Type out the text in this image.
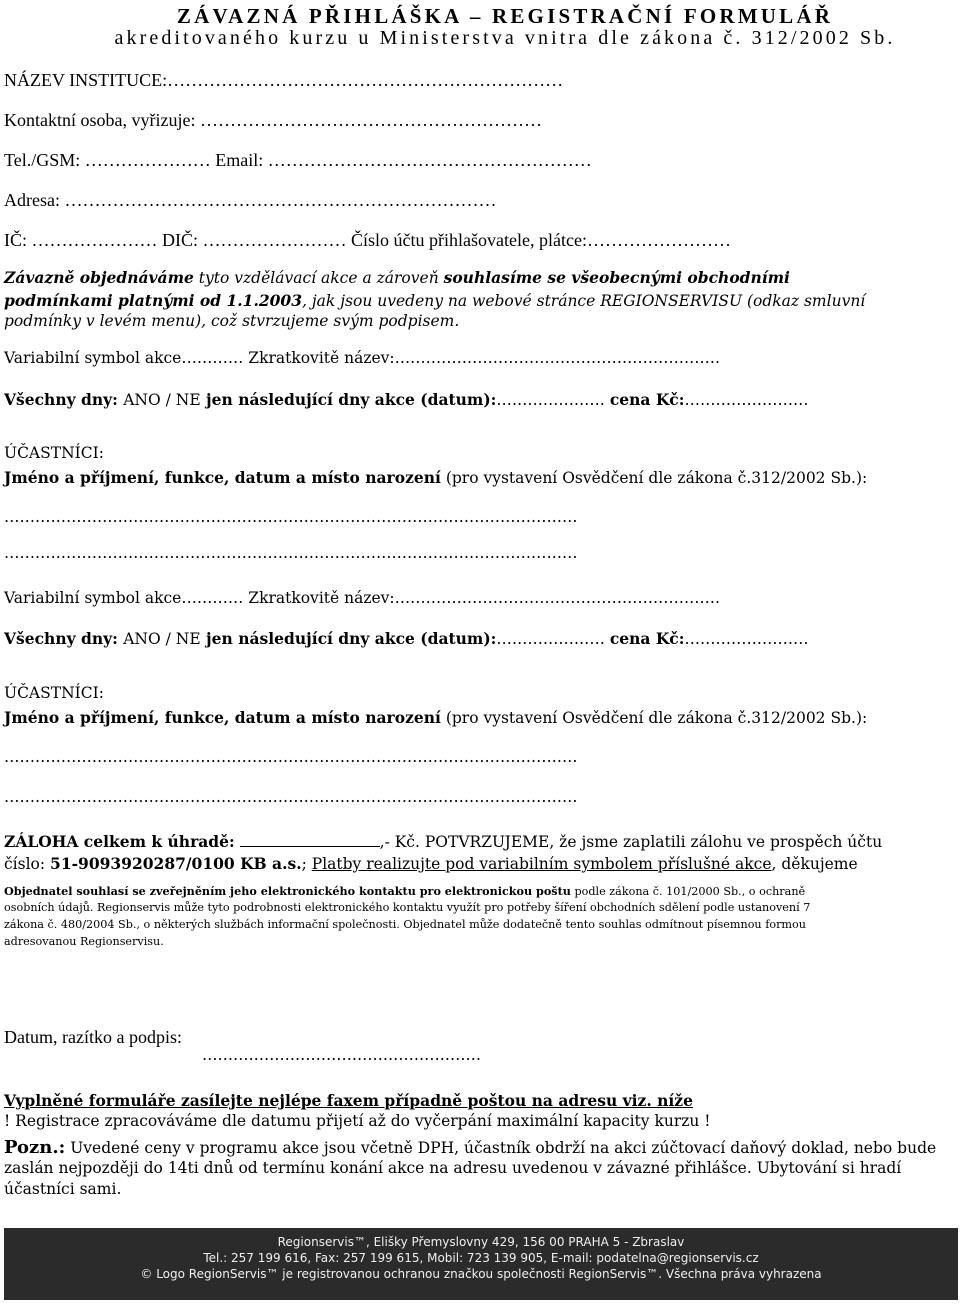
ZÁVAZNÁ PŘIHLÁŠKA – REGISTRAČNÍ FORMULÁŘ
akreditovaného kurzu u Ministerstva vnitra dle zákona č. 312/2002 Sb.
NÁZEV INSTITUCE:…………………………………………………………
Kontaktní osoba, vyřizuje: …………………………………………………
Tel./GSM: ………………… Email: ………………………………………………
Adresa: ………………………………………………………………
IČ: ………………… DIČ: …………………… Číslo účtu přihlašovatele, plátce:……………………
Závazně objednáváme tyto vzdělávací akce a zároveň souhlasíme se všeobecnými obchodními
podmínkami platnými od 1.1.2003, jak jsou uvedeny na webové stránce REGIONSERVISU (odkaz smluvní
podmínky v levém menu), což stvrzujeme svým podpisem.
Variabilní symbol akce………… Zkratkovitě název:………………………………………………………
Všechny dny: ANO / NE jen následující dny akce (datum):………………… cena Kč:……………………
ÚČASTNÍCI:
Jméno a příjmení, funkce, datum a místo narození (pro vystavení Osvědčení dle zákona č.312/2002 Sb.):
…………………………………………………………………………………………………
…………………………………………………………………………………………………
Variabilní symbol akce………… Zkratkovitě název:………………………………………………………
Všechny dny: ANO / NE jen následující dny akce (datum):………………… cena Kč:……………………
ÚČASTNÍCI:
Jméno a příjmení, funkce, datum a místo narození (pro vystavení Osvědčení dle zákona č.312/2002 Sb.):
…………………………………………………………………………………………………
…………………………………………………………………………………………………
ZÁLOHA celkem k úhradě:	,- Kč. POTVRZUJEME, že jsme zaplatili zálohu ve prospěch účtu
číslo: 51-9093920287/0100 KB a.s.; Platby realizujte pod variabilním symbolem příslušné akce, děkujeme
Objednatel souhlasí se zveřejněním jeho elektronického kontaktu pro elektronickou poštu podle zákona č. 101/2000 Sb., o ochraně
osobních údajů. Regionservis může tyto podrobnosti elektronického kontaktu využít pro potřeby šíření obchodních sdělení podle ustanovení 7
zákona č. 480/2004 Sb., o některých službách informační společnosti. Objednatel může dodatečně tento souhlas odmítnout písemnou formou
adresovanou Regionservisu.
Datum, razítko a podpis:
………………………………………………
Vyplněné formuláře zasílejte nejlépe faxem případně poštou na adresu viz. níže
! Registrace zpracováváme dle datumu přijetí až do vyčerpání maximální kapacity kurzu !
Pozn.: Uvedené ceny v programu akce jsou včetně DPH, účastník obdrží na akci zúčtovací daňový doklad, nebo bude
zaslán nejpozději do 14ti dnů od termínu konání akce na adresu uvedenou v závazné přihlášce. Ubytování si hradí
účastníci sami.
Regionservis™, Elišky Přemyslovny 429, 156 00 PRAHA 5 - Zbraslav
Tel.: 257 199 616, Fax: 257 199 615, Mobil: 723 139 905, E-mail: podatelna@regionservis.cz
© Logo RegionServis™ je registrovanou ochranou značkou společnosti RegionServis™. Všechna práva vyhrazena
